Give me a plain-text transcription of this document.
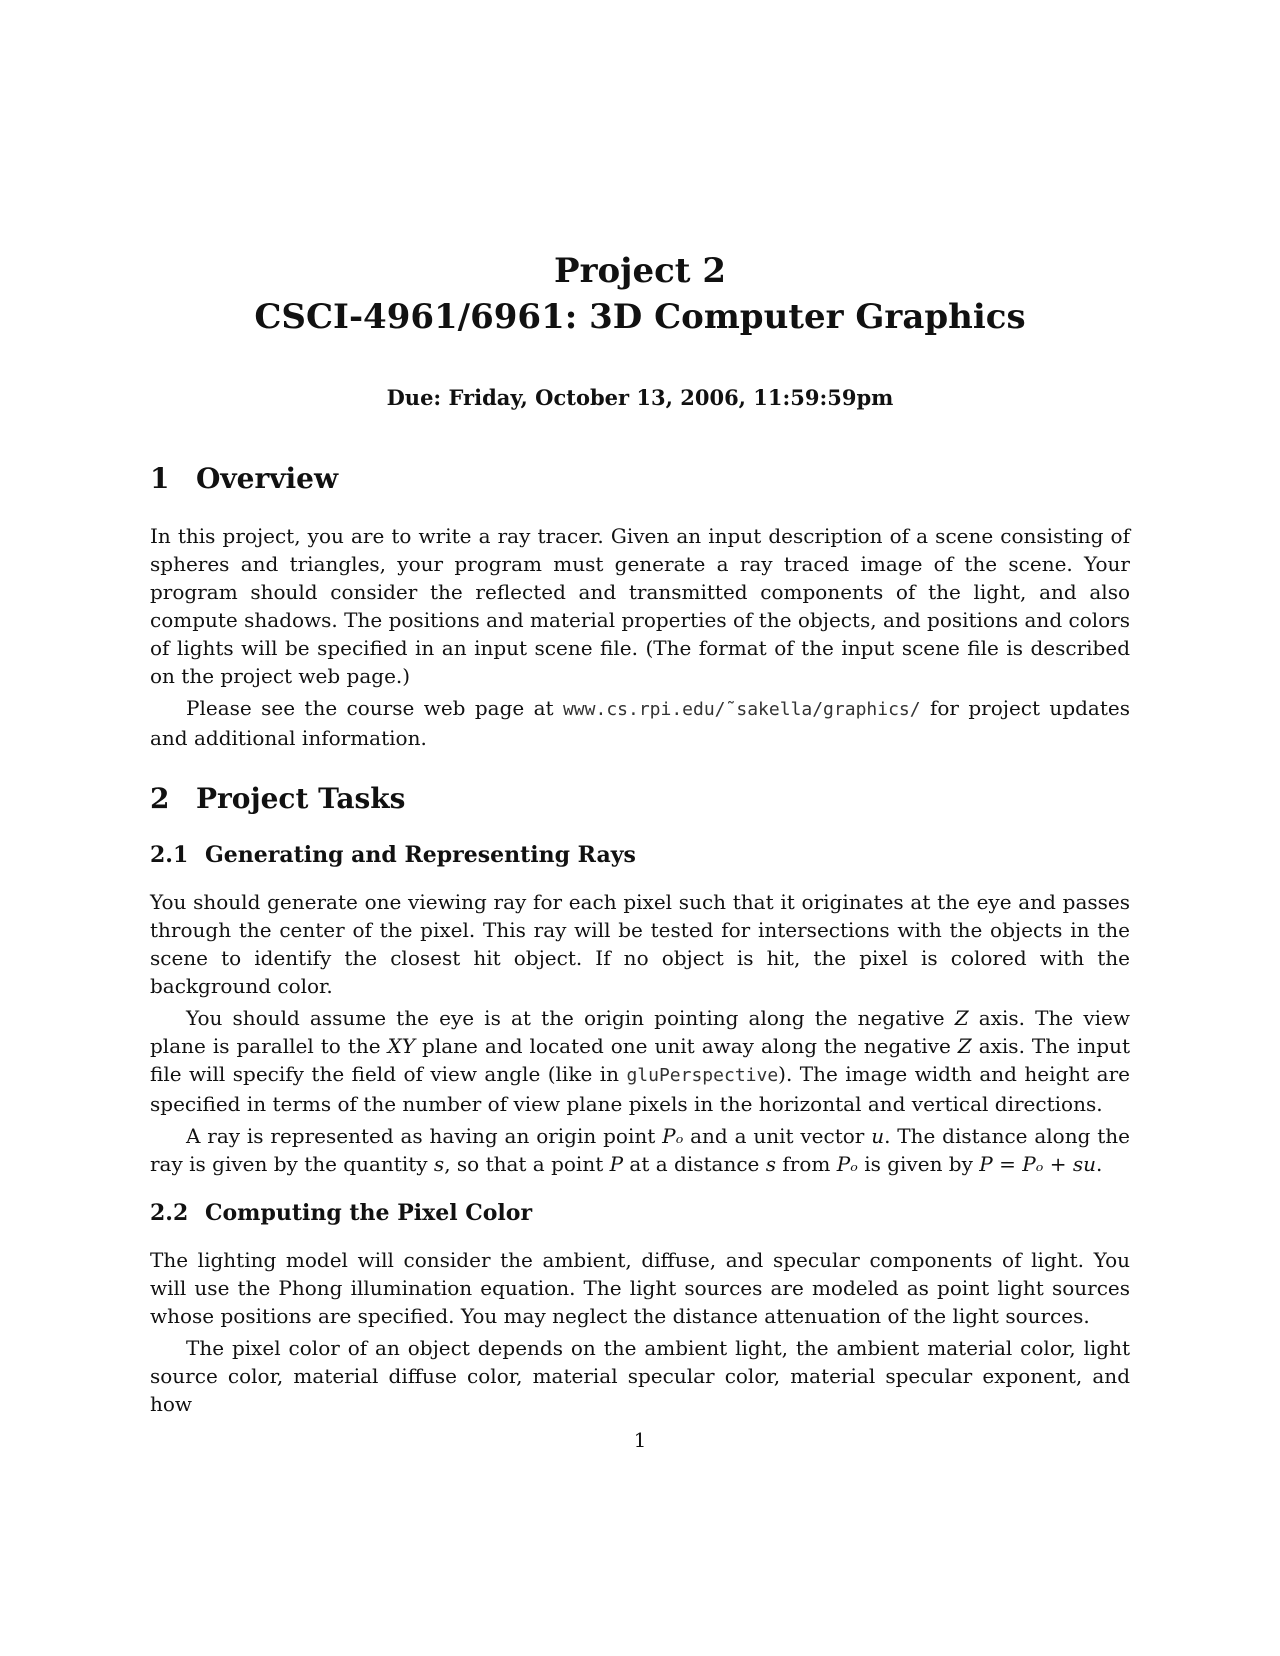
Project 2

CSCI-4961/6961: 3D Computer Graphics

Due: Friday, October 13, 2006, 11:59:59pm
1 Overview

In this project, you are to write a ray tracer. Given an input description of a scene consisting of spheres and triangles, your program must generate a ray traced image of the scene. Your program should consider the reflected and transmitted components of the light, and also compute shadows. The positions and material properties of the objects, and positions and colors of lights will be specified in an input scene file. (The format of the input scene file is described on the project web page.)

Please see the course web page at www.cs.rpi.edu/˜sakella/graphics/ for project updates and additional information.

2 Project Tasks
2.1 Generating and Representing Rays

You should generate one viewing ray for each pixel such that it originates at the eye and passes through the center of the pixel. This ray will be tested for intersections with the objects in the scene to identify the closest hit object. If no object is hit, the pixel is colored with the background color.

You should assume the eye is at the origin pointing along the negative Z axis. The view plane is parallel to the XY plane and located one unit away along the negative Z axis. The input file will specify the field of view angle (like in gluPerspective). The image width and height are specified in terms of the number of view plane pixels in the horizontal and vertical directions.

A ray is represented as having an origin point Pₒ and a unit vector u. The distance along the ray is given by the quantity s, so that a point P at a distance s from Pₒ is given by P = Pₒ + su.

2.2 Computing the Pixel Color

The lighting model will consider the ambient, diffuse, and specular components of light. You will use the Phong illumination equation. The light sources are modeled as point light sources whose positions are specified. You may neglect the distance attenuation of the light sources.

The pixel color of an object depends on the ambient light, the ambient material color, light source color, material diffuse color, material specular color, material specular exponent, and how

1
